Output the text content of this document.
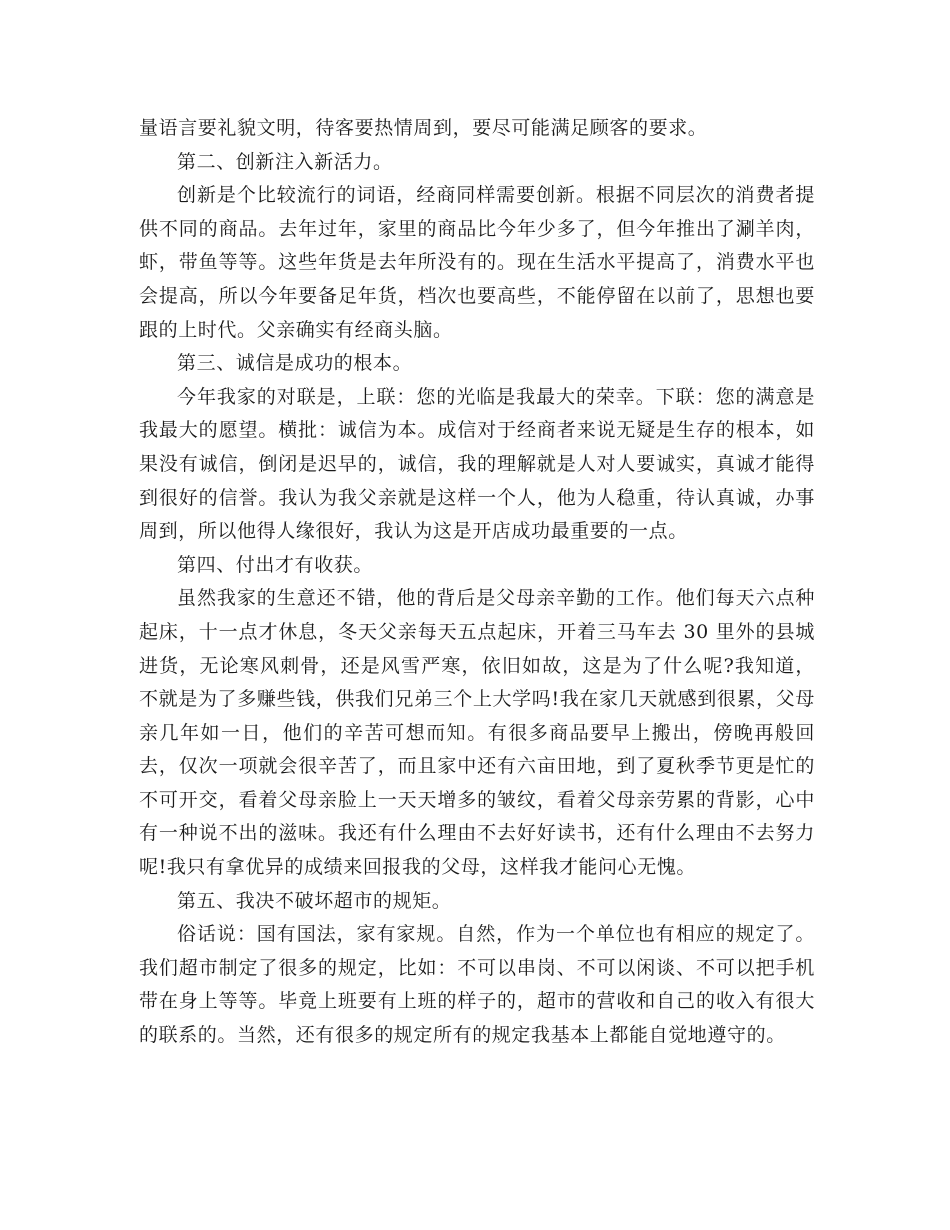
量语言要礼貌文明，待客要热情周到，要尽可能满足顾客的要求。

第二、创新注入新活力。

创新是个比较流行的词语，经商同样需要创新。根据不同层次的消费者提供不同的商品。去年过年，家里的商品比今年少多了，但今年推出了涮羊肉，虾，带鱼等等。这些年货是去年所没有的。现在生活水平提高了，消费水平也会提高，所以今年要备足年货，档次也要高些，不能停留在以前了，思想也要跟的上时代。父亲确实有经商头脑。

第三、诚信是成功的根本。

今年我家的对联是，上联：您的光临是我最大的荣幸。下联：您的满意是我最大的愿望。横批：诚信为本。成信对于经商者来说无疑是生存的根本，如果没有诚信，倒闭是迟早的，诚信，我的理解就是人对人要诚实，真诚才能得到很好的信誉。我认为我父亲就是这样一个人，他为人稳重，待认真诚，办事周到，所以他得人缘很好，我认为这是开店成功最重要的一点。

第四、付出才有收获。

虽然我家的生意还不错，他的背后是父母亲辛勤的工作。他们每天六点种起床，十一点才休息，冬天父亲每天五点起床，开着三马车去 30 里外的县城进货，无论寒风刺骨，还是风雪严寒，依旧如故，这是为了什么呢?我知道，不就是为了多赚些钱，供我们兄弟三个上大学吗!我在家几天就感到很累，父母亲几年如一日，他们的辛苦可想而知。有很多商品要早上搬出，傍晚再般回去，仅次一项就会很辛苦了，而且家中还有六亩田地，到了夏秋季节更是忙的不可开交，看着父母亲脸上一天天增多的皱纹，看着父母亲劳累的背影，心中有一种说不出的滋味。我还有什么理由不去好好读书，还有什么理由不去努力呢!我只有拿优异的成绩来回报我的父母，这样我才能问心无愧。

第五、我决不破坏超市的规矩。

俗话说：国有国法，家有家规。自然，作为一个单位也有相应的规定了。我们超市制定了很多的规定，比如：不可以串岗、不可以闲谈、不可以把手机带在身上等等。毕竟上班要有上班的样子的，超市的营收和自己的收入有很大的联系的。当然，还有很多的规定所有的规定我基本上都能自觉地遵守的。
